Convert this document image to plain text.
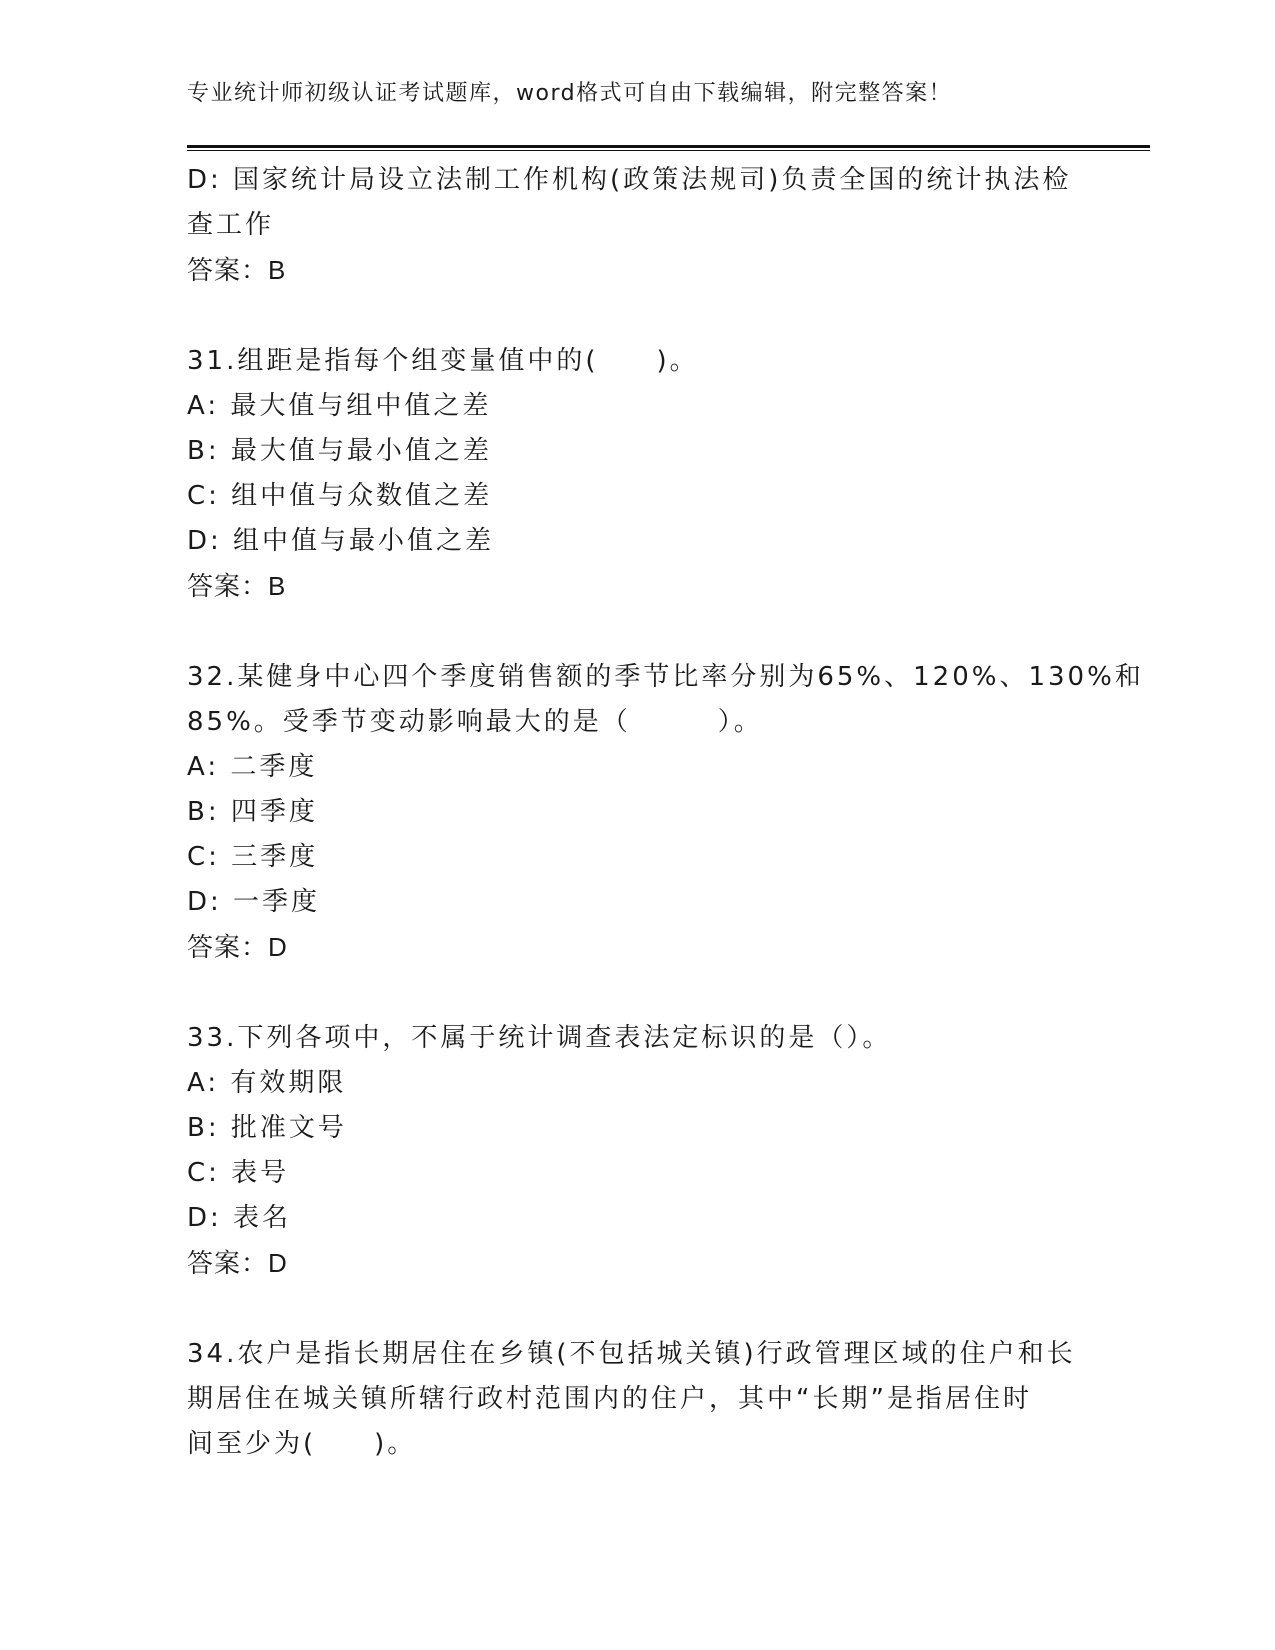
专业统计师初级认证考试题库，word格式可自由下载编辑，附完整答案！
D: 国家统计局设立法制工作机构(政策法规司)负责全国的统计执法检
查工作
答案：B
31.组距是指每个组变量值中的(　　)。
A: 最大值与组中值之差
B: 最大值与最小值之差
C: 组中值与众数值之差
D: 组中值与最小值之差
答案：B
32.某健身中心四个季度销售额的季节比率分别为65%、120%、130%和
85%。受季节变动影响最大的是（　　　）。
A: 二季度
B: 四季度
C: 三季度
D: 一季度
答案：D
33.下列各项中，不属于统计调查表法定标识的是（）。
A: 有效期限
B: 批准文号
C: 表号
D: 表名
答案：D
34.农户是指长期居住在乡镇(不包括城关镇)行政管理区域的住户和长
期居住在城关镇所辖行政村范围内的住户，其中“长期”是指居住时
间至少为(　　)。
